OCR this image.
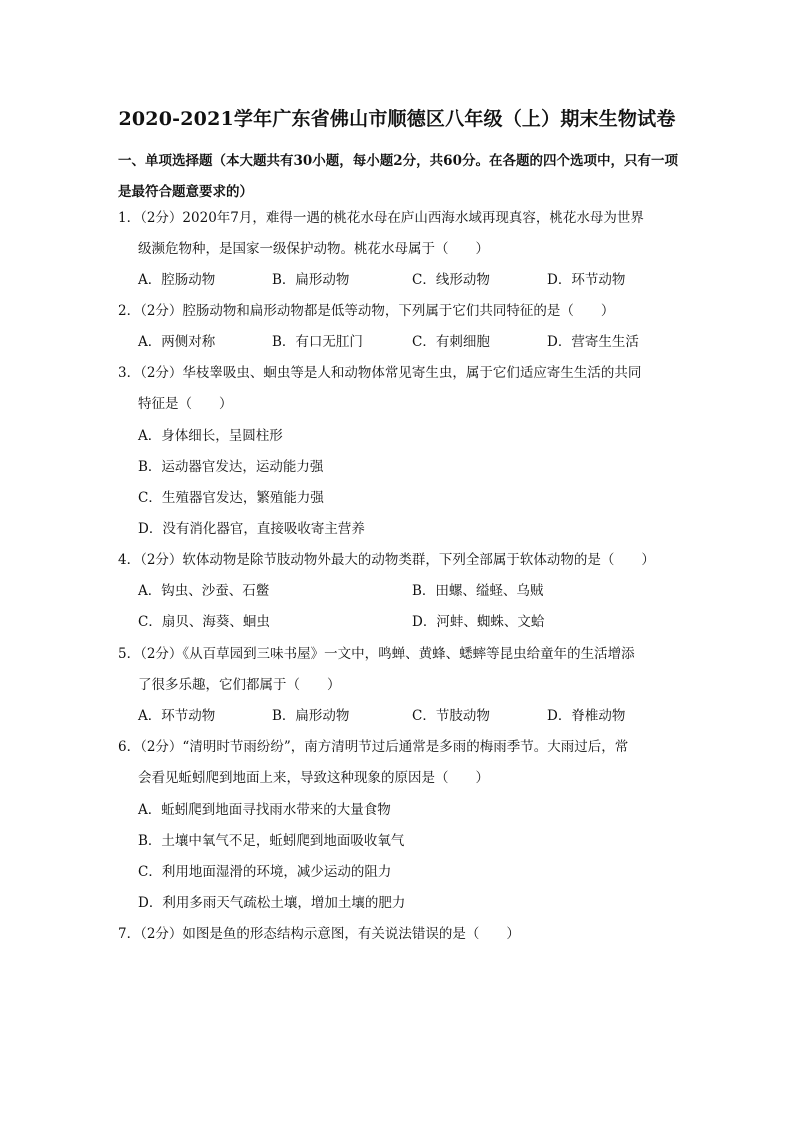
2020-2021学年广东省佛山市顺德区八年级（上）期末生物试卷
一、单项选择题（本大题共有30小题，每小题2分，共60分。在各题的四个选项中，只有一项是最符合题意要求的）
1．（2分）2020年7月，难得一遇的桃花水母在庐山西海水域再现真容，桃花水母为世界
级濒危物种，是国家一级保护动物。桃花水母属于（　　）
A．腔肠动物	B．扁形动物	C．线形动物	D．环节动物
2．（2分）腔肠动物和扁形动物都是低等动物，下列属于它们共同特征的是（　　）
A．两侧对称	B．有口无肛门	C．有刺细胞	D．营寄生生活
3．（2分）华枝睾吸虫、蛔虫等是人和动物体常见寄生虫，属于它们适应寄生生活的共同
特征是（　　）
A．身体细长，呈圆柱形
B．运动器官发达，运动能力强
C．生殖器官发达，繁殖能力强
D．没有消化器官，直接吸收寄主营养
4．（2分）软体动物是除节肢动物外最大的动物类群，下列全部属于软体动物的是（　　）
A．钩虫、沙蚕、石鳖	B．田螺、缢蛏、乌贼
C．扇贝、海葵、蛔虫	D．河蚌、蜘蛛、文蛤
5．（2分）《从百草园到三味书屋》一文中，鸣蝉、黄蜂、蟋蟀等昆虫给童年的生活增添
了很多乐趣，它们都属于（　　）
A．环节动物	B．扁形动物	C．节肢动物	D．脊椎动物
6．（2分）“清明时节雨纷纷”，南方清明节过后通常是多雨的梅雨季节。大雨过后，常
会看见蚯蚓爬到地面上来，导致这种现象的原因是（　　）
A．蚯蚓爬到地面寻找雨水带来的大量食物
B．土壤中氧气不足，蚯蚓爬到地面吸收氧气
C．利用地面湿滑的环境，减少运动的阻力
D．利用多雨天气疏松土壤，增加土壤的肥力
7．（2分）如图是鱼的形态结构示意图，有关说法错误的是（　　）
